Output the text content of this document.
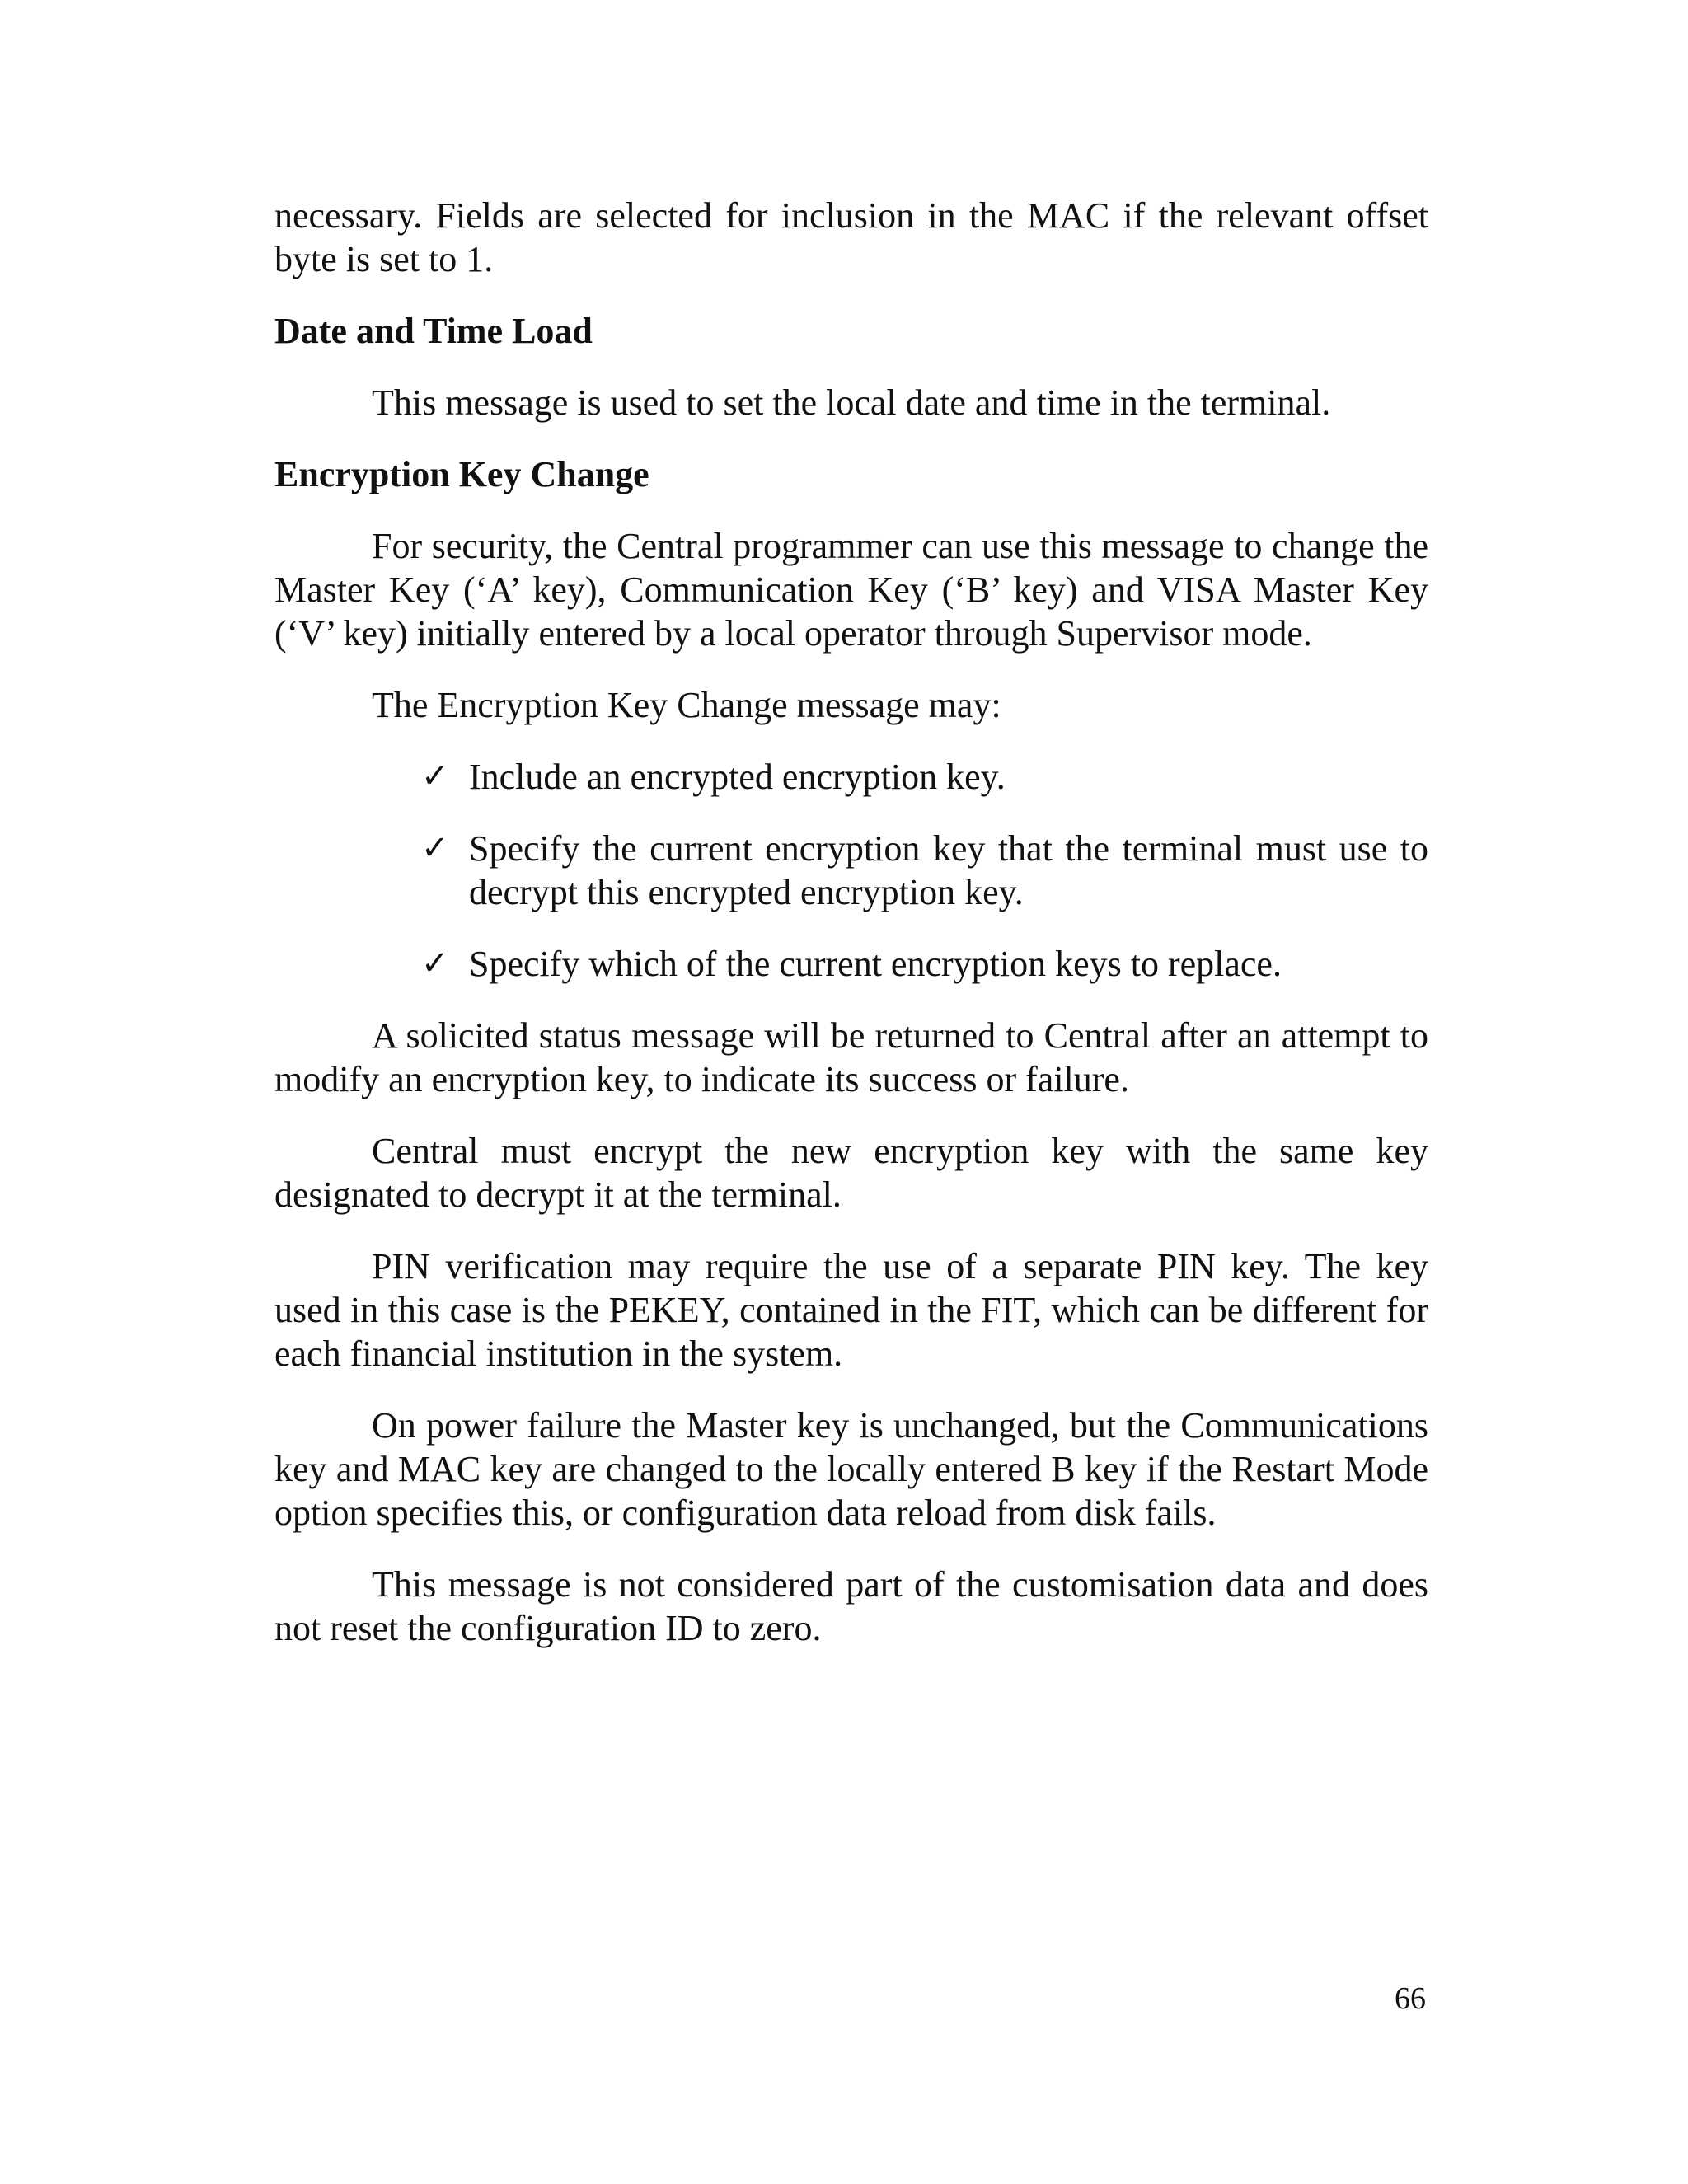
necessary. Fields are selected for inclusion in the MAC if the relevant offset byte is set to 1.

Date and Time Load

This message is used to set the local date and time in the terminal.

Encryption Key Change

For security, the Central programmer can use this message to change the Master Key (‘A’ key), Communication Key (‘B’ key) and VISA Master Key (‘V’ key) initially entered by a local operator through Supervisor mode.

The Encryption Key Change message may:

✓ Include an encrypted encryption key.
✓ Specify the current encryption key that the terminal must use to decrypt this encrypted encryption key.
✓ Specify which of the current encryption keys to replace.

A solicited status message will be returned to Central after an attempt to modify an encryption key, to indicate its success or failure.

Central must encrypt the new encryption key with the same key designated to decrypt it at the terminal.

PIN verification may require the use of a separate PIN key. The key used in this case is the PEKEY, contained in the FIT, which can be different for each financial institution in the system.

On power failure the Master key is unchanged, but the Communications key and MAC key are changed to the locally entered B key if the Restart Mode option specifies this, or configuration data reload from disk fails.

This message is not considered part of the customisation data and does not reset the configuration ID to zero.

66
